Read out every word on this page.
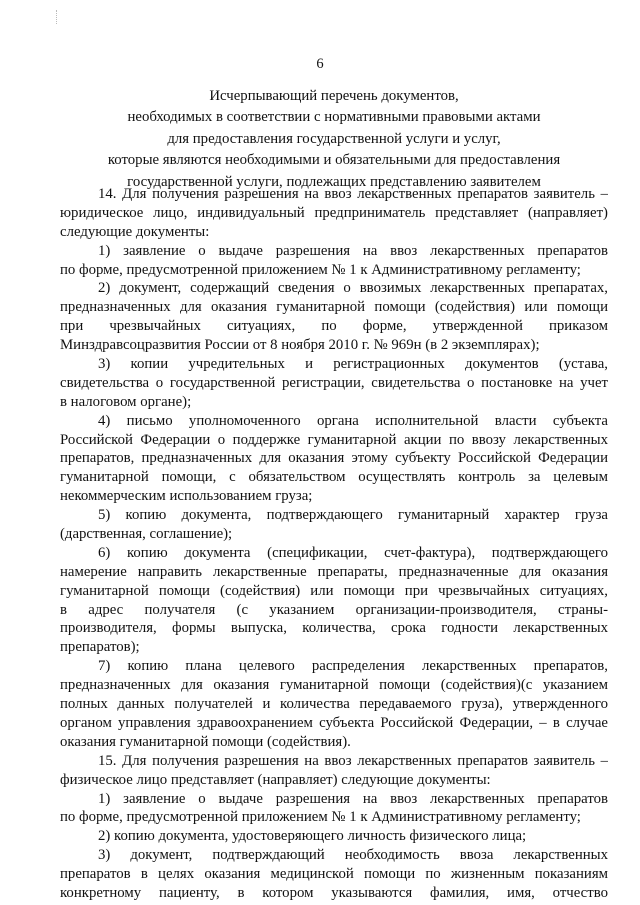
6
Исчерпывающий перечень документов,
необходимых в соответствии с нормативными правовыми актами
для предоставления государственной услуги и услуг,
которые являются необходимыми и обязательными для предоставления
государственной услуги, подлежащих представлению заявителем
14. Для получения разрешения на ввоз лекарственных препаратов заявитель –
юридическое лицо, индивидуальный предприниматель представляет (направляет)
следующие документы:
1) заявление о выдаче разрешения на ввоз лекарственных препаратов
по форме, предусмотренной приложением № 1 к Административному регламенту;
2) документ, содержащий сведения о ввозимых лекарственных препаратах,
предназначенных для оказания гуманитарной помощи (содействия) или помощи
при чрезвычайных ситуациях, по форме, утвержденной приказом
Минздравсоцразвития России от 8 ноября 2010 г. № 969н (в 2 экземплярах);
3) копии учредительных и регистрационных документов (устава,
свидетельства о государственной регистрации, свидетельства о постановке на учет
в налоговом органе);
4) письмо уполномоченного органа исполнительной власти субъекта
Российской Федерации о поддержке гуманитарной акции по ввозу лекарственных
препаратов, предназначенных для оказания этому субъекту Российской Федерации
гуманитарной помощи, с обязательством осуществлять контроль за целевым
некоммерческим использованием груза;
5) копию документа, подтверждающего гуманитарный характер груза
(дарственная, соглашение);
6) копию документа (спецификации, счет-фактура), подтверждающего
намерение направить лекарственные препараты, предназначенные для оказания
гуманитарной помощи (содействия) или помощи при чрезвычайных ситуациях,
в адрес получателя (с указанием организации-производителя, страны-
производителя, формы выпуска, количества, срока годности лекарственных
препаратов);
7) копию плана целевого распределения лекарственных препаратов,
предназначенных для оказания гуманитарной помощи (содействия)(с указанием
полных данных получателей и количества передаваемого груза), утвержденного
органом управления здравоохранением субъекта Российской Федерации, – в случае
оказания гуманитарной помощи (содействия).
15. Для получения разрешения на ввоз лекарственных препаратов заявитель –
физическое лицо представляет (направляет) следующие документы:
1) заявление о выдаче разрешения на ввоз лекарственных препаратов
по форме, предусмотренной приложением № 1 к Административному регламенту;
2) копию документа, удостоверяющего личность физического лица;
3) документ, подтверждающий необходимость ввоза лекарственных
препаратов в целях оказания медицинской помощи по жизненным показаниям
конкретному пациенту, в котором указываются фамилия, имя, отчество
